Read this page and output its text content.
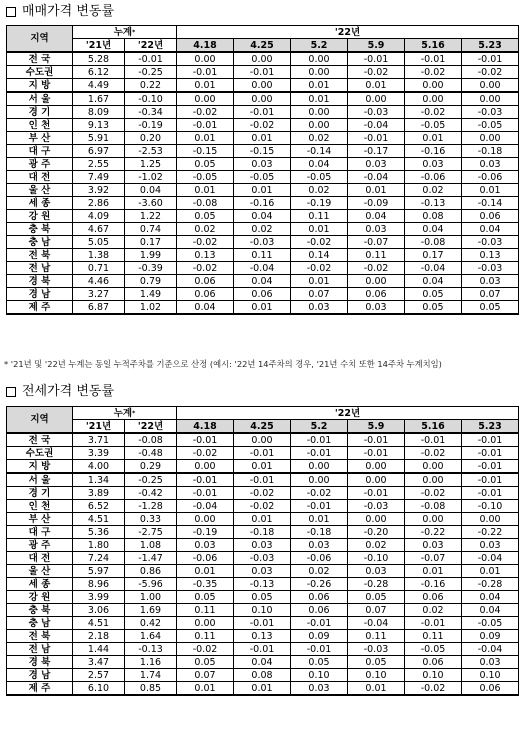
매매가격 변동률
지역	누계*		'22년					
	'21년	'22년	4.18	4.25	5.2	5.9	5.16	5.23
전 국	5.28	-0.01	0.00	0.00	0.00	-0.01	-0.01	-0.01
수도권	6.12	-0.25	-0.01	-0.01	0.00	-0.02	-0.02	-0.02
지 방	4.49	0.22	0.01	0.00	0.01	0.01	0.00	0.00
서 울	1.67	-0.10	0.00	0.00	0.01	0.00	0.00	0.00
경 기	8.09	-0.34	-0.02	-0.01	0.00	-0.03	-0.02	-0.03
인 천	9.13	-0.19	-0.01	-0.02	0.00	-0.04	-0.05	-0.05
부 산	5.91	0.20	0.01	0.01	0.02	-0.01	0.01	0.00
대 구	6.97	-2.53	-0.15	-0.15	-0.14	-0.17	-0.16	-0.18
광 주	2.55	1.25	0.05	0.03	0.04	0.03	0.03	0.03
대 전	7.49	-1.02	-0.05	-0.05	-0.05	-0.04	-0.06	-0.06
울 산	3.92	0.04	0.01	0.01	0.02	0.01	0.02	0.01
세 종	2.86	-3.60	-0.08	-0.16	-0.19	-0.09	-0.13	-0.14
강 원	4.09	1.22	0.05	0.04	0.11	0.04	0.08	0.06
충 북	4.67	0.74	0.02	0.02	0.01	0.03	0.04	0.04
충 남	5.05	0.17	-0.02	-0.03	-0.02	-0.07	-0.08	-0.03
전 북	1.38	1.99	0.13	0.11	0.14	0.11	0.17	0.13
전 남	0.71	-0.39	-0.02	-0.04	-0.02	-0.02	-0.04	-0.03
경 북	4.46	0.79	0.06	0.04	0.01	0.00	0.04	0.03
경 남	3.27	1.49	0.06	0.06	0.07	0.06	0.05	0.07
제 주	6.87	1.02	0.04	0.01	0.03	0.03	0.05	0.05
* '21년 및 '22년 누계는 동일 누적주차를 기준으로 산정 (예시: '22년 14주차의 경우, '21년 수치 또한 14주차 누계치임)
전세가격 변동률
지역	누계*		'22년					
	'21년	'22년	4.18	4.25	5.2	5.9	5.16	5.23
전 국	3.71	-0.08	-0.01	0.00	-0.01	-0.01	-0.01	-0.01
수도권	3.39	-0.48	-0.02	-0.01	-0.01	-0.01	-0.02	-0.01
지 방	4.00	0.29	0.00	0.01	0.00	0.00	0.00	-0.01
서 울	1.34	-0.25	-0.01	-0.01	0.00	0.00	0.00	-0.01
경 기	3.89	-0.42	-0.01	-0.02	-0.02	-0.01	-0.02	-0.01
인 천	6.52	-1.28	-0.04	-0.02	-0.01	-0.03	-0.08	-0.10
부 산	4.51	0.33	0.00	0.01	0.01	0.00	0.00	0.00
대 구	5.36	-2.75	-0.19	-0.18	-0.18	-0.20	-0.22	-0.22
광 주	1.80	1.08	0.03	0.03	0.03	0.02	0.03	0.03
대 전	7.24	-1.47	-0.06	-0.03	-0.06	-0.10	-0.07	-0.04
울 산	5.97	0.86	0.01	0.03	0.02	0.03	0.01	0.01
세 종	8.96	-5.96	-0.35	-0.13	-0.26	-0.28	-0.16	-0.28
강 원	3.99	1.00	0.05	0.05	0.06	0.05	0.06	0.04
충 북	3.06	1.69	0.11	0.10	0.06	0.07	0.02	0.04
충 남	4.51	0.42	0.00	-0.01	-0.01	-0.04	-0.01	-0.05
전 북	2.18	1.64	0.11	0.13	0.09	0.11	0.11	0.09
전 남	1.44	-0.13	-0.02	-0.01	-0.01	-0.03	-0.05	-0.04
경 북	3.47	1.16	0.05	0.04	0.05	0.05	0.06	0.03
경 남	2.57	1.74	0.07	0.08	0.10	0.10	0.10	0.10
제 주	6.10	0.85	0.01	0.01	0.03	0.01	-0.02	0.06
